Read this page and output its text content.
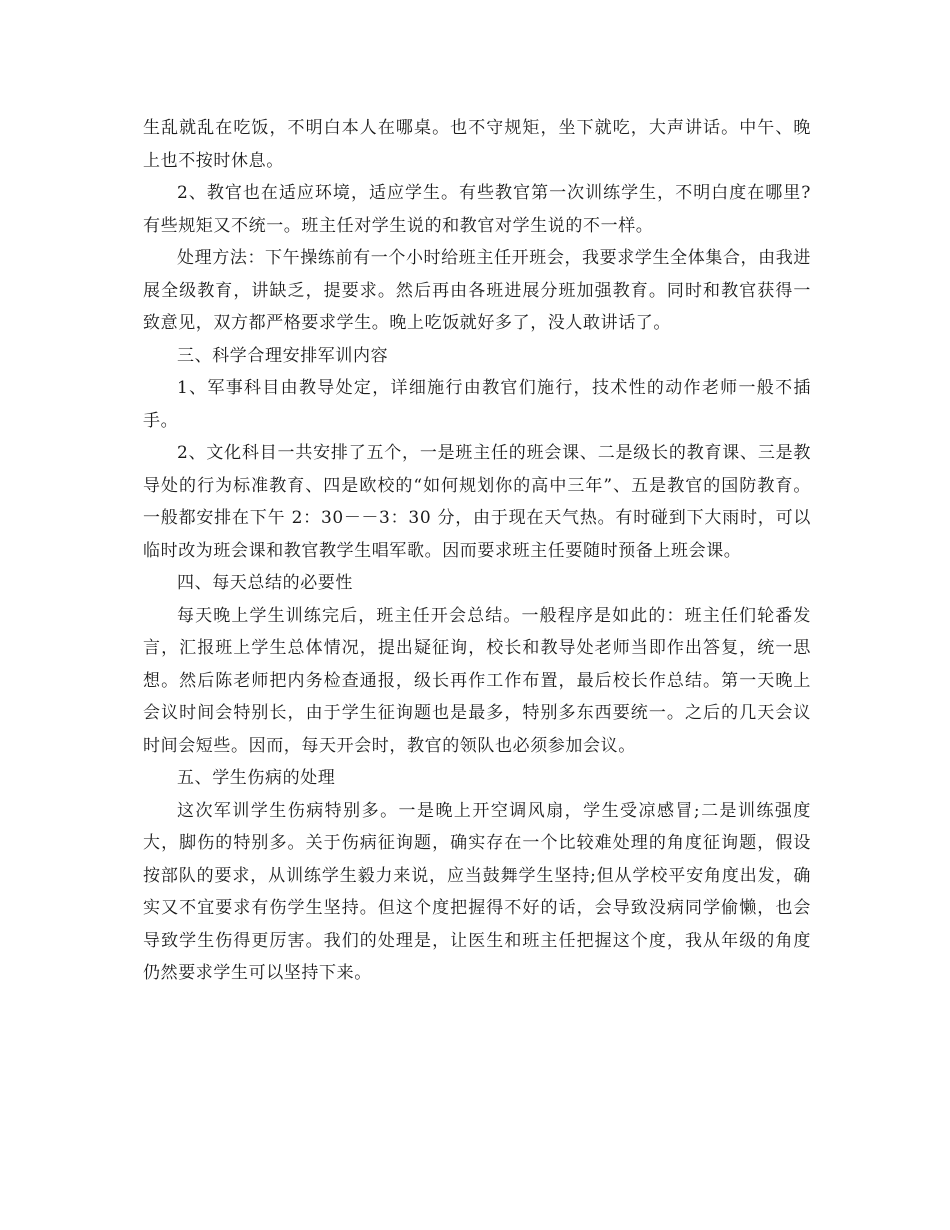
生乱就乱在吃饭，不明白本人在哪桌。也不守规矩，坐下就吃，大声讲话。中午、晚上也不按时休息。

2、教官也在适应环境，适应学生。有些教官第一次训练学生，不明白度在哪里?有些规矩又不统一。班主任对学生说的和教官对学生说的不一样。

处理方法：下午操练前有一个小时给班主任开班会，我要求学生全体集合，由我进展全级教育，讲缺乏，提要求。然后再由各班进展分班加强教育。同时和教官获得一致意见，双方都严格要求学生。晚上吃饭就好多了，没人敢讲话了。

三、科学合理安排军训内容

1、军事科目由教导处定，详细施行由教官们施行，技术性的动作老师一般不插手。

2、文化科目一共安排了五个，一是班主任的班会课、二是级长的教育课、三是教导处的行为标准教育、四是欧校的“如何规划你的高中三年”、五是教官的国防教育。一般都安排在下午 2：30－－3：30 分，由于现在天气热。有时碰到下大雨时，可以临时改为班会课和教官教学生唱军歌。因而要求班主任要随时预备上班会课。

四、每天总结的必要性

每天晚上学生训练完后，班主任开会总结。一般程序是如此的：班主任们轮番发言，汇报班上学生总体情况，提出疑征询，校长和教导处老师当即作出答复，统一思想。然后陈老师把内务检查通报，级长再作工作布置，最后校长作总结。第一天晚上会议时间会特别长，由于学生征询题也是最多，特别多东西要统一。之后的几天会议时间会短些。因而，每天开会时，教官的领队也必须参加会议。

五、学生伤病的处理

这次军训学生伤病特别多。一是晚上开空调风扇，学生受凉感冒;二是训练强度大，脚伤的特别多。关于伤病征询题，确实存在一个比较难处理的角度征询题，假设按部队的要求，从训练学生毅力来说，应当鼓舞学生坚持;但从学校平安角度出发，确实又不宜要求有伤学生坚持。但这个度把握得不好的话，会导致没病同学偷懒，也会导致学生伤得更厉害。我们的处理是，让医生和班主任把握这个度，我从年级的角度仍然要求学生可以坚持下来。
